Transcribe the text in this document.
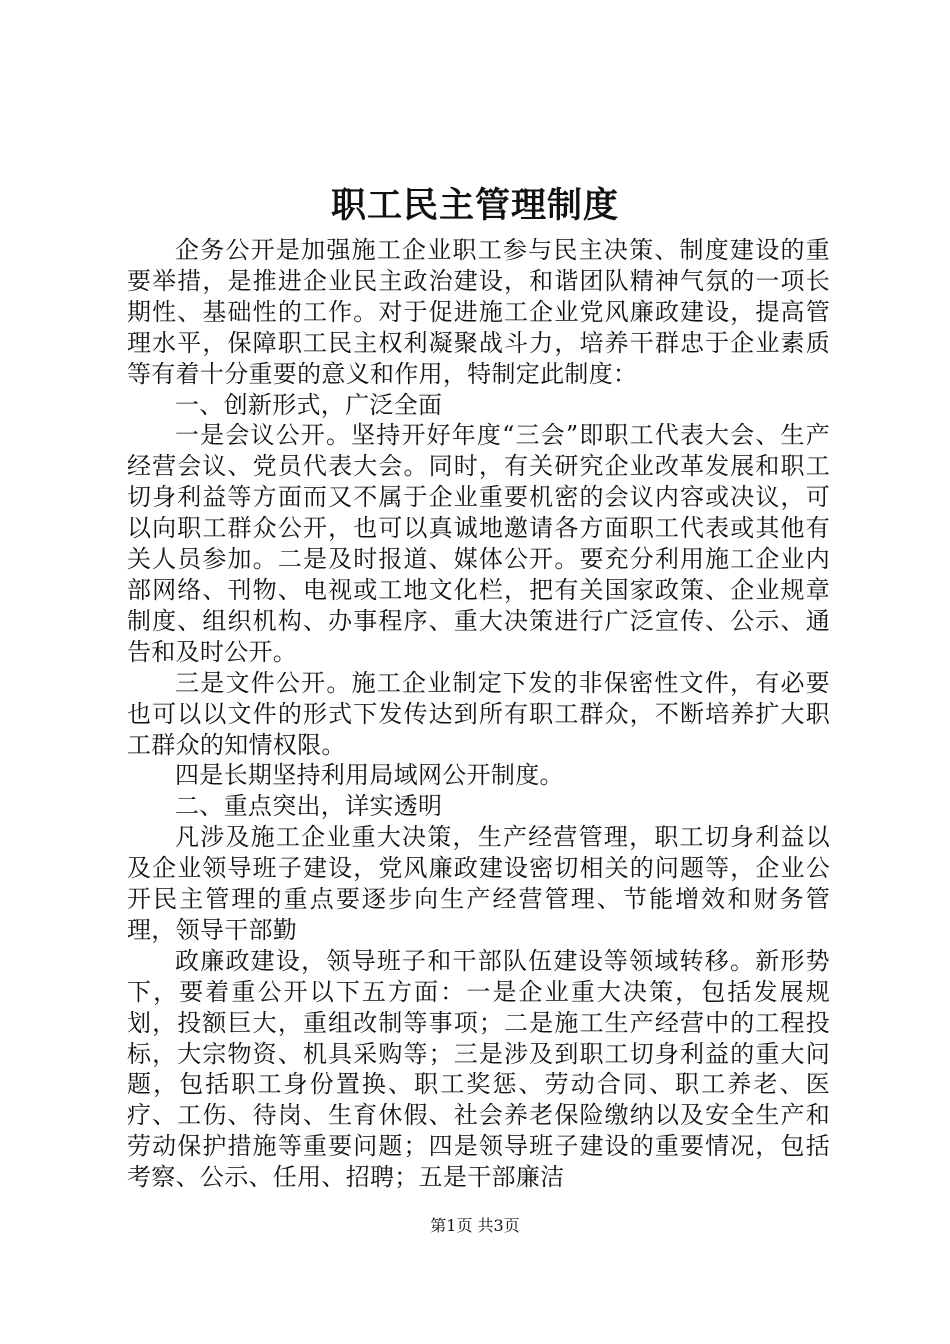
职工民主管理制度

企务公开是加强施工企业职工参与民主决策、制度建设的重要举措，是推进企业民主政治建设，和谐团队精神气氛的一项长期性、基础性的工作。对于促进施工企业党风廉政建设，提高管理水平，保障职工民主权利凝聚战斗力，培养干群忠于企业素质等有着十分重要的意义和作用，特制定此制度：

一、创新形式，广泛全面

一是会议公开。坚持开好年度“三会”即职工代表大会、生产经营会议、党员代表大会。同时，有关研究企业改革发展和职工切身利益等方面而又不属于企业重要机密的会议内容或决议，可以向职工群众公开，也可以真诚地邀请各方面职工代表或其他有关人员参加。二是及时报道、媒体公开。要充分利用施工企业内部网络、刊物、电视或工地文化栏，把有关国家政策、企业规章制度、组织机构、办事程序、重大决策进行广泛宣传、公示、通告和及时公开。

三是文件公开。施工企业制定下发的非保密性文件，有必要也可以以文件的形式下发传达到所有职工群众，不断培养扩大职工群众的知情权限。

四是长期坚持利用局域网公开制度。

二、重点突出，详实透明

凡涉及施工企业重大决策，生产经营管理，职工切身利益以及企业领导班子建设，党风廉政建设密切相关的问题等，企业公开民主管理的重点要逐步向生产经营管理、节能增效和财务管理，领导干部勤

政廉政建设，领导班子和干部队伍建设等领域转移。新形势下，要着重公开以下五方面：一是企业重大决策，包括发展规划，投额巨大，重组改制等事项；二是施工生产经营中的工程投标，大宗物资、机具采购等；三是涉及到职工切身利益的重大问题，包括职工身份置换、职工奖惩、劳动合同、职工养老、医疗、工伤、待岗、生育休假、社会养老保险缴纳以及安全生产和劳动保护措施等重要问题；四是领导班子建设的重要情况，包括考察、公示、任用、招聘；五是干部廉洁

第1页 共3页
